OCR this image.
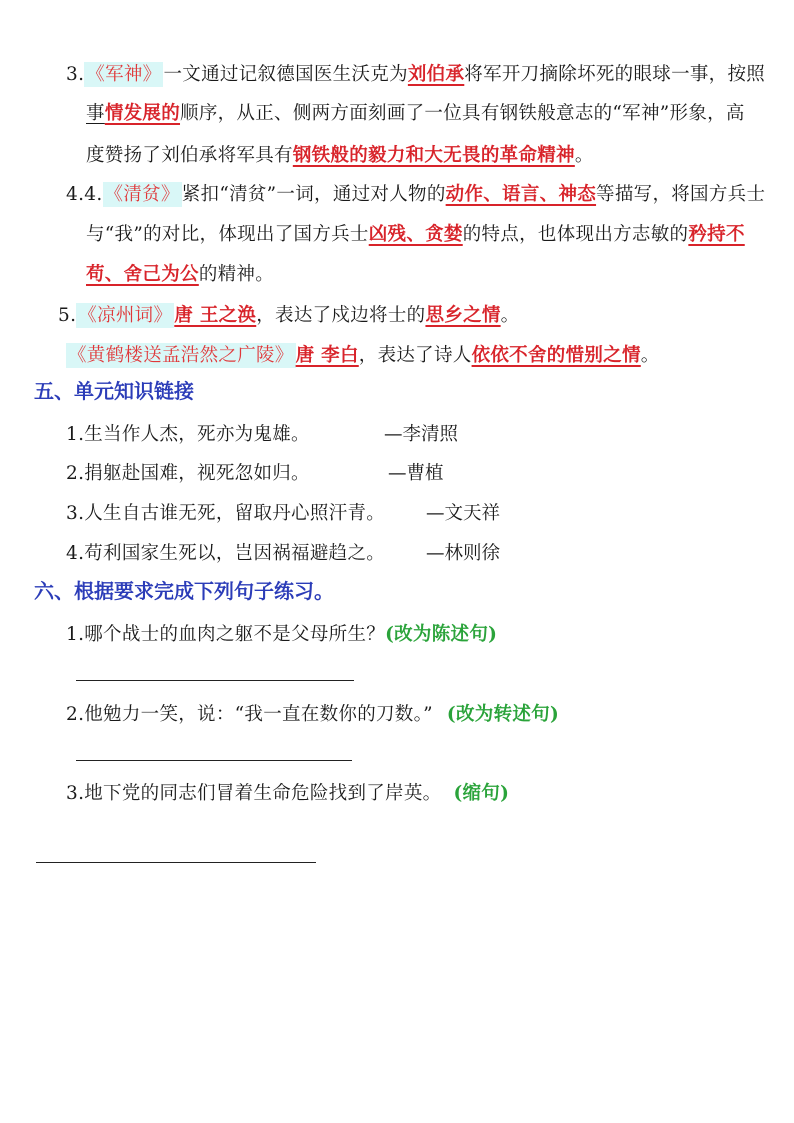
3. 《军神》 一文通过记叙德国医生沃克为刘伯承将军开刀摘除坏死的眼球一事，按照
事情发展的顺序，从正、侧两方面刻画了一位具有钢铁般意志的“军神”形象，高
度赞扬了刘伯承将军具有钢铁般的毅力和大无畏的革命精神。
4.4. 《清贫》 紧扣“清贫”一词，通过对人物的动作、语言、神态等描写，将国方兵士
与“我”的对比，体现出了国方兵士凶残、贪婪的特点，也体现出方志敏的矜持不
苟、舍己为公的精神。
5. 《凉州词》 唐 王之涣，表达了戍边将士的思乡之情。
《黄鹤楼送孟浩然之广陵》 唐 李白，表达了诗人依依不舍的惜别之情。
五、单元知识链接
1.生当作人杰，死亦为鬼雄。	—李清照
2.捐躯赴国难，视死忽如归。	—曹植
3.人生自古谁无死，留取丹心照汗青。 —文天祥
4.苟利国家生死以，岂因祸福避趋之。 —林则徐
六、根据要求完成下列句子练习。
1.哪个战士的血肉之躯不是父母所生？(改为陈述句)
2.他勉力一笑，说：“我一直在数你的刀数。” (改为转述句)
3.地下党的同志们冒着生命危险找到了岸英。 (缩句)
